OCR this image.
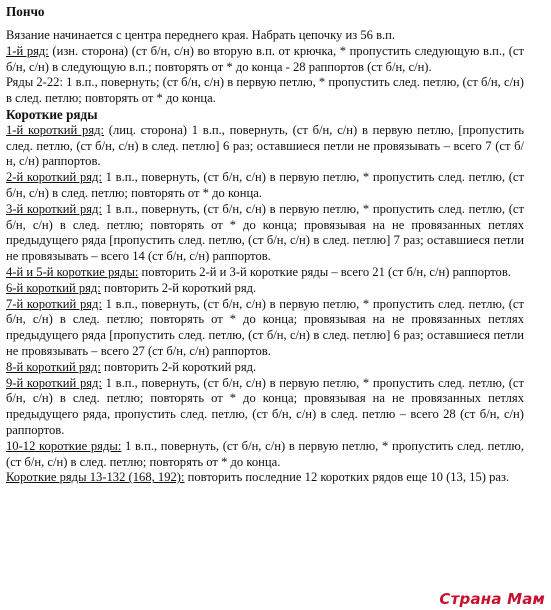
Пончо

Вязание начинается с центра переднего края. Набрать цепочку из 56 в.п.

1-й ряд: (изн. сторона) (ст б/н, с/н) во вторую в.п. от крючка, * пропустить следующую в.п., (ст б/н, с/н) в следующую в.п.; повторять от * до конца - 28 раппортов (ст б/н, с/н).

Ряды 2-22: 1 в.п., повернуть; (ст б/н, с/н) в первую петлю, * пропустить след. петлю, (ст б/н, с/н) в след. петлю; повторять от * до конца.

Короткие ряды

1-й короткий ряд: (лиц. сторона) 1 в.п., повернуть, (ст б/н, с/н) в первую петлю, [пропустить след. петлю, (ст б/н, с/н) в след. петлю] 6 раз; оставшиеся петли не провязывать – всего 7 (ст б/н, с/н) раппортов.

2-й короткий ряд: 1 в.п., повернуть, (ст б/н, с/н) в первую петлю, * пропустить след. петлю, (ст б/н, с/н) в след. петлю; повторять от * до конца.

3-й короткий ряд: 1 в.п., повернуть, (ст б/н, с/н) в первую петлю, * пропустить след. петлю, (ст б/н, с/н) в след. петлю; повторять от * до конца; провязывая на не провязанных петлях предыдущего ряда [пропустить след. петлю, (ст б/н, с/н) в след. петлю] 7 раз; оставшиеся петли не провязывать – всего 14 (ст б/н, с/н) раппортов.

4-й и 5-й короткие ряды: повторить 2-й и 3-й короткие ряды – всего 21 (ст б/н, с/н) раппортов.

6-й короткий ряд: повторить 2-й короткий ряд.

7-й короткий ряд: 1 в.п., повернуть, (ст б/н, с/н) в первую петлю, * пропустить след. петлю, (ст б/н, с/н) в след. петлю; повторять от * до конца; провязывая на не провязанных петлях предыдущего ряда [пропустить след. петлю, (ст б/н, с/н) в след. петлю] 6 раз; оставшиеся петли не провязывать – всего 27 (ст б/н, с/н) раппортов.

8-й короткий ряд: повторить 2-й короткий ряд.

9-й короткий ряд: 1 в.п., повернуть, (ст б/н, с/н) в первую петлю, * пропустить след. петлю, (ст б/н, с/н) в след. петлю; повторять от * до конца; провязывая на не провязанных петлях предыдущего ряда, пропустить след. петлю, (ст б/н, с/н) в след. петлю – всего 28 (ст б/н, с/н) раппортов.

10-12 короткие ряды: 1 в.п., повернуть, (ст б/н, с/н) в первую петлю, * пропустить след. петлю, (ст б/н, с/н) в след. петлю; повторять от * до конца.

Короткие ряды 13-132 (168, 192): повторить последние 12 коротких рядов еще 10 (13, 15) раз.

Страна Мам
